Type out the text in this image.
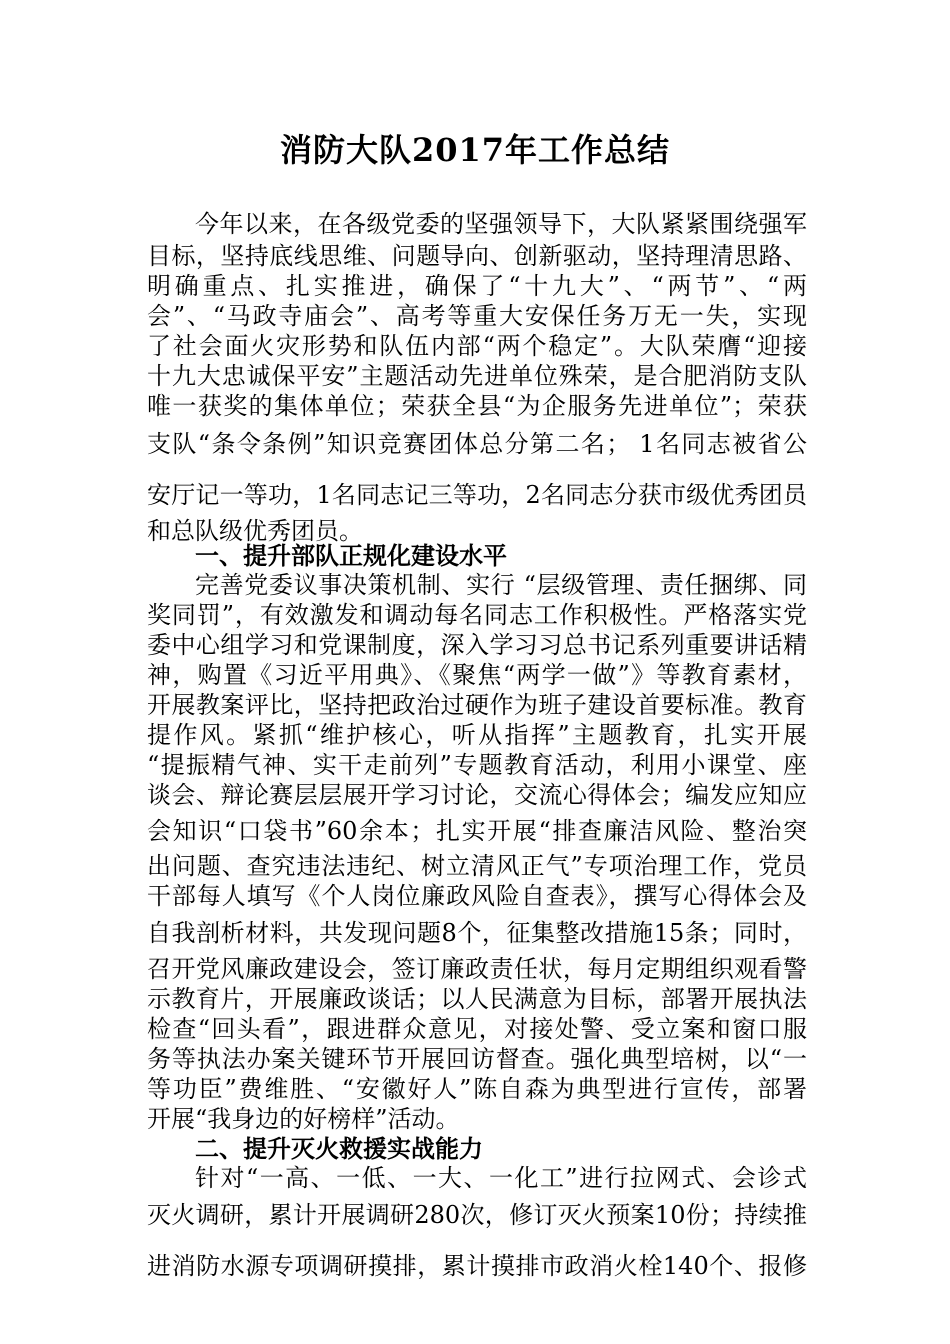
消防大队2017年工作总结

今年以来，在各级党委的坚强领导下，大队紧紧围绕强军

目标，坚持底线思维、问题导向、创新驱动，坚持理清思路、

明确重点、扎实推进，确保了“十九大”、“两节”、“两

会”、“马政寺庙会”、高考等重大安保任务万无一失，实现

了社会面火灾形势和队伍内部“两个稳定”。大队荣膺“迎接

十九大忠诚保平安”主题活动先进单位殊荣，是合肥消防支队

唯一获奖的集体单位；荣获全县“为企服务先进单位”；荣获

支队“条令条例”知识竞赛团体总分第二名； 1名同志被省公

安厅记一等功，1名同志记三等功，2名同志分获市级优秀团员

和总队级优秀团员。

一、提升部队正规化建设水平

完善党委议事决策机制、实行 “层级管理、责任捆绑、同

奖同罚”，有效激发和调动每名同志工作积极性。严格落实党

委中心组学习和党课制度，深入学习习总书记系列重要讲话精

神，购置《习近平用典》、《聚焦“两学一做”》等教育素材，

开展教案评比，坚持把政治过硬作为班子建设首要标准。教育

提作风。紧抓“维护核心，听从指挥”主题教育，扎实开展

“提振精气神、实干走前列”专题教育活动，利用小课堂、座

谈会、辩论赛层层展开学习讨论，交流心得体会；编发应知应

会知识“口袋书”60余本；扎实开展“排查廉洁风险、整治突

出问题、查究违法违纪、树立清风正气”专项治理工作，党员

干部每人填写《个人岗位廉政风险自查表》，撰写心得体会及

自我剖析材料，共发现问题8个，征集整改措施15条；同时，

召开党风廉政建设会，签订廉政责任状，每月定期组织观看警

示教育片，开展廉政谈话；以人民满意为目标，部署开展执法

检查“回头看”，跟进群众意见，对接处警、受立案和窗口服

务等执法办案关键环节开展回访督查。强化典型培树，以“一

等功臣”费维胜、“安徽好人”陈自森为典型进行宣传，部署

开展“我身边的好榜样”活动。

二、提升灭火救援实战能力

针对“一高、一低、一大、一化工”进行拉网式、会诊式

灭火调研，累计开展调研280次，修订灭火预案10份；持续推

进消防水源专项调研摸排，累计摸排市政消火栓140个、报修
